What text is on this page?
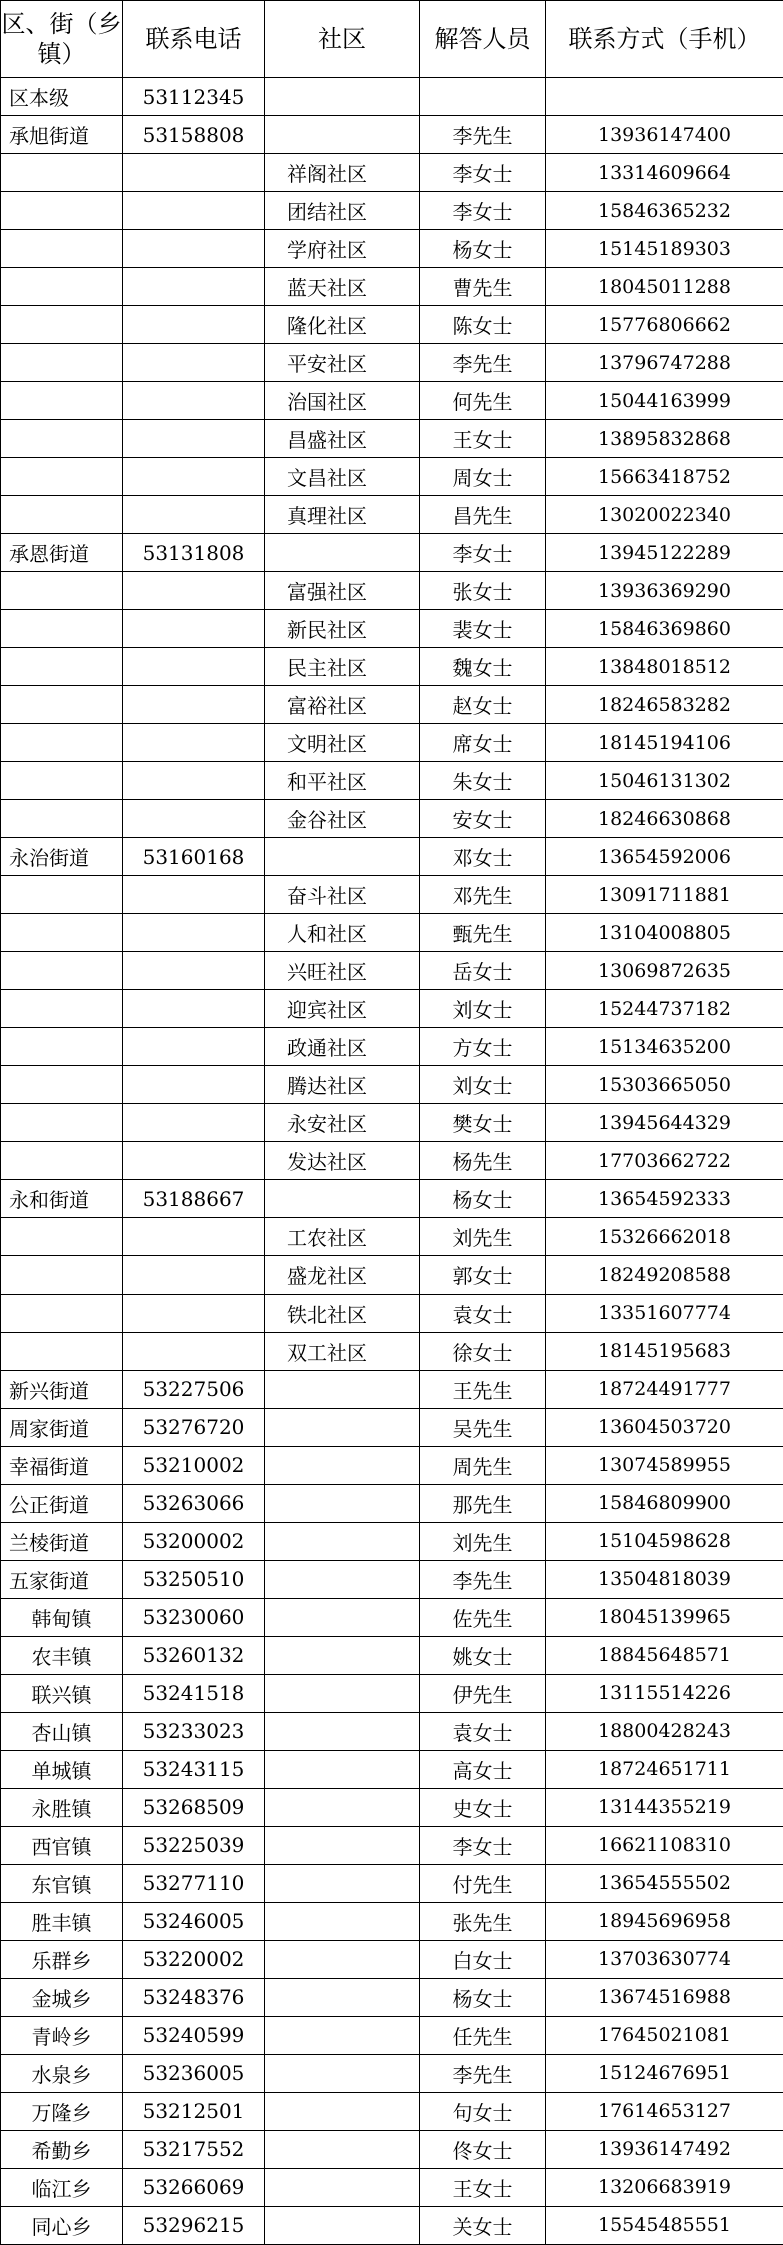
区、街（乡镇）	联系电话	社区	解答人员	联系方式（手机）
区本级	53112345			
承旭街道	53158808		李先生	13936147400
		祥阁社区	李女士	13314609664
		团结社区	李女士	15846365232
		学府社区	杨女士	15145189303
		蓝天社区	曹先生	18045011288
		隆化社区	陈女士	15776806662
		平安社区	李先生	13796747288
		治国社区	何先生	15044163999
		昌盛社区	王女士	13895832868
		文昌社区	周女士	15663418752
		真理社区	昌先生	13020022340
承恩街道	53131808		李女士	13945122289
		富强社区	张女士	13936369290
		新民社区	裴女士	15846369860
		民主社区	魏女士	13848018512
		富裕社区	赵女士	18246583282
		文明社区	席女士	18145194106
		和平社区	朱女士	15046131302
		金谷社区	安女士	18246630868
永治街道	53160168		邓女士	13654592006
		奋斗社区	邓先生	13091711881
		人和社区	甄先生	13104008805
		兴旺社区	岳女士	13069872635
		迎宾社区	刘女士	15244737182
		政通社区	方女士	15134635200
		腾达社区	刘女士	15303665050
		永安社区	樊女士	13945644329
		发达社区	杨先生	17703662722
永和街道	53188667		杨女士	13654592333
		工农社区	刘先生	15326662018
		盛龙社区	郭女士	18249208588
		铁北社区	袁女士	13351607774
		双工社区	徐女士	18145195683
新兴街道	53227506		王先生	18724491777
周家街道	53276720		吴先生	13604503720
幸福街道	53210002		周先生	13074589955
公正街道	53263066		那先生	15846809900
兰棱街道	53200002		刘先生	15104598628
五家街道	53250510		李先生	13504818039
韩甸镇	53230060		佐先生	18045139965
农丰镇	53260132		姚女士	18845648571
联兴镇	53241518		伊先生	13115514226
杏山镇	53233023		袁女士	18800428243
单城镇	53243115		高女士	18724651711
永胜镇	53268509		史女士	13144355219
西官镇	53225039		李女士	16621108310
东官镇	53277110		付先生	13654555502
胜丰镇	53246005		张先生	18945696958
乐群乡	53220002		白女士	13703630774
金城乡	53248376		杨女士	13674516988
青岭乡	53240599		任先生	17645021081
水泉乡	53236005		李先生	15124676951
万隆乡	53212501		句女士	17614653127
希勤乡	53217552		佟女士	13936147492
临江乡	53266069		王女士	13206683919
同心乡	53296215		关女士	15545485551
